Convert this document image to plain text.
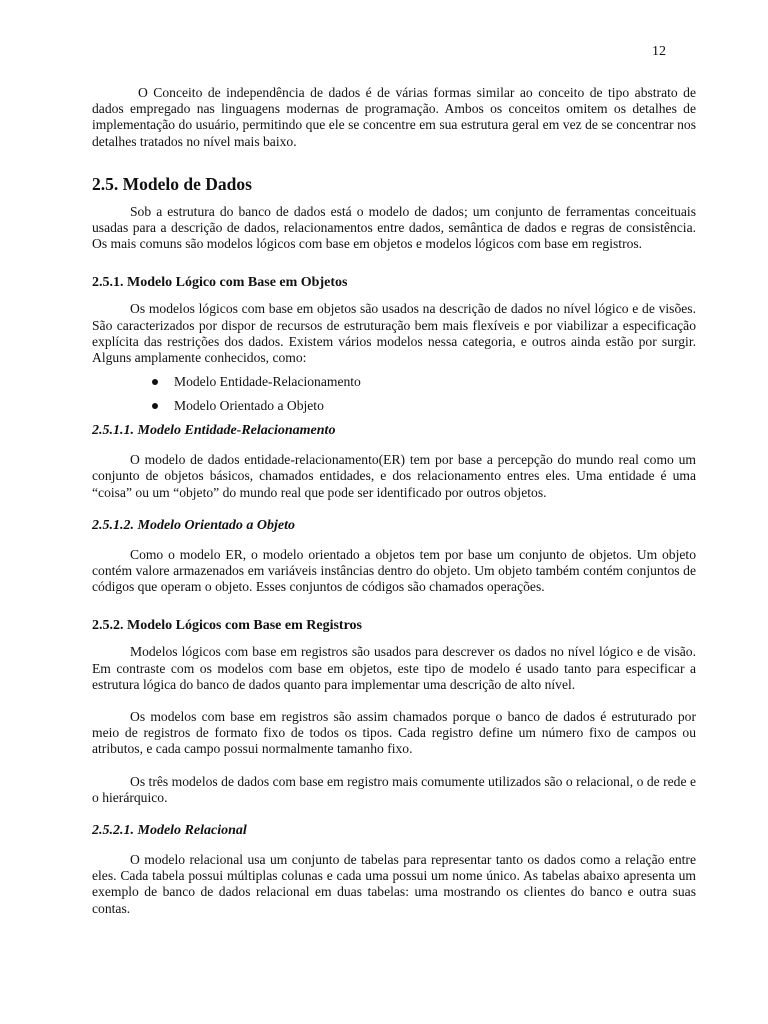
12

O Conceito de independência de dados é de várias formas similar ao conceito de tipo abstrato de dados empregado nas linguagens modernas de programação. Ambos os conceitos omitem os detalhes de implementação do usuário, permitindo que ele se concentre em sua estrutura geral em vez de se concentrar nos detalhes tratados no nível mais baixo.

2.5. Modelo de Dados

Sob a estrutura do banco de dados está o modelo de dados; um conjunto de ferramentas conceituais usadas para a descrição de dados, relacionamentos entre dados, semântica de dados e regras de consistência. Os mais comuns são modelos lógicos com base em objetos e modelos lógicos com base em registros.

2.5.1. Modelo Lógico com Base em Objetos

Os modelos lógicos com base em objetos são usados na descrição de dados no nível lógico e de visões. São caracterizados por dispor de recursos de estruturação bem mais flexíveis e por viabilizar a especificação explícita das restrições dos dados. Existem vários modelos nessa categoria, e outros ainda estão por surgir. Alguns amplamente conhecidos, como:

Modelo Entidade-Relacionamento
Modelo Orientado a Objeto
2.5.1.1. Modelo Entidade-Relacionamento

O modelo de dados entidade-relacionamento(ER) tem por base a percepção do mundo real como um conjunto de objetos básicos, chamados entidades, e dos relacionamento entres eles. Uma entidade é uma “coisa” ou um “objeto” do mundo real que pode ser identificado por outros objetos.

2.5.1.2. Modelo Orientado a Objeto

Como o modelo ER, o modelo orientado a objetos tem por base um conjunto de objetos. Um objeto contém valore armazenados em variáveis instâncias dentro do objeto. Um objeto também contém conjuntos de códigos que operam o objeto. Esses conjuntos de códigos são chamados operações.

2.5.2. Modelo Lógicos com Base em Registros

Modelos lógicos com base em registros são usados para descrever os dados no nível lógico e de visão. Em contraste com os modelos com base em objetos, este tipo de modelo é usado tanto para especificar a estrutura lógica do banco de dados quanto para implementar uma descrição de alto nível.

Os modelos com base em registros são assim chamados porque o banco de dados é estruturado por meio de registros de formato fixo de todos os tipos. Cada registro define um número fixo de campos ou atributos, e cada campo possui normalmente tamanho fixo.

Os três modelos de dados com base em registro mais comumente utilizados são o relacional, o de rede e o hierárquico.

2.5.2.1. Modelo Relacional

O modelo relacional usa um conjunto de tabelas para representar tanto os dados como a relação entre eles. Cada tabela possui múltiplas colunas e cada uma possui um nome único. As tabelas abaixo apresenta um exemplo de banco de dados relacional em duas tabelas: uma mostrando os clientes do banco e outra suas contas.
